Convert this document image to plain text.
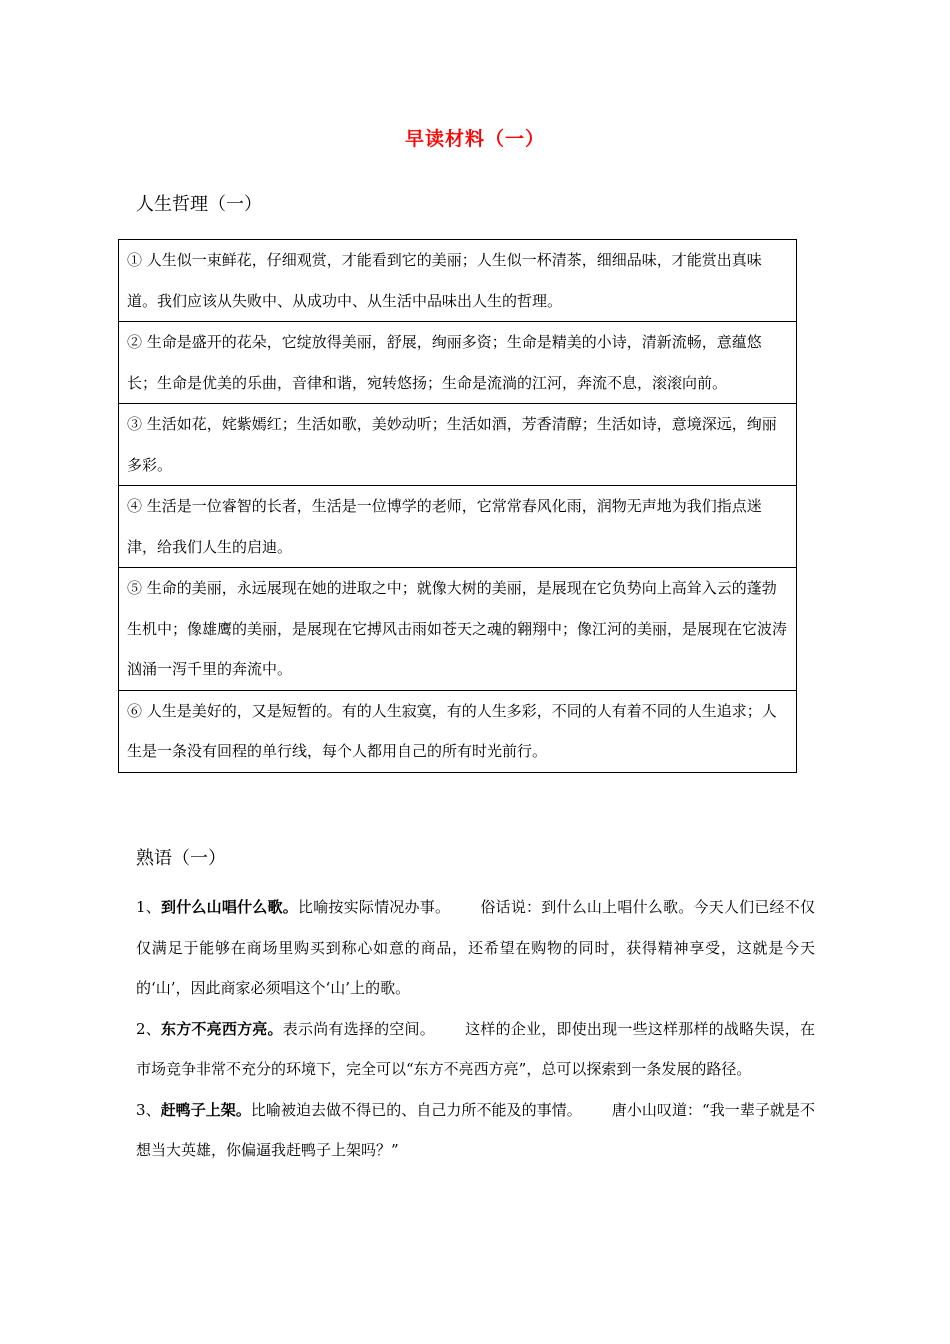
早读材料（一）
人生哲理（一）
① 人生似一束鲜花，仔细观赏，才能看到它的美丽；人生似一杯清茶，细细品味，才能赏出真味道。我们应该从失败中、从成功中、从生活中品味出人生的哲理。
② 生命是盛开的花朵，它绽放得美丽，舒展，绚丽多资；生命是精美的小诗，清新流畅，意蕴悠长；生命是优美的乐曲，音律和谐，宛转悠扬；生命是流淌的江河，奔流不息，滚滚向前。
③ 生活如花，姹紫嫣红；生活如歌，美妙动听；生活如酒，芳香清醇；生活如诗，意境深远，绚丽多彩。
④ 生活是一位睿智的长者，生活是一位博学的老师，它常常春风化雨，润物无声地为我们指点迷津，给我们人生的启迪。
⑤ 生命的美丽，永远展现在她的进取之中；就像大树的美丽，是展现在它负势向上高耸入云的蓬勃生机中；像雄鹰的美丽，是展现在它搏风击雨如苍天之魂的翱翔中；像江河的美丽，是展现在它波涛汹涌一泻千里的奔流中。
⑥ 人生是美好的，又是短暂的。有的人生寂寞，有的人生多彩，不同的人有着不同的人生追求；人生是一条没有回程的单行线，每个人都用自己的所有时光前行。
熟语（一）

1、到什么山唱什么歌。比喻按实际情况办事。 俗话说：到什么山上唱什么歌。今天人们已经不仅仅满足于能够在商场里购买到称心如意的商品，还希望在购物的同时，获得精神享受，这就是今天的‘山’，因此商家必须唱这个‘山’上的歌。

2、东方不亮西方亮。表示尚有选择的空间。 这样的企业，即使出现一些这样那样的战略失误，在市场竞争非常不充分的环境下，完全可以“东方不亮西方亮”，总可以探索到一条发展的路径。

3、赶鸭子上架。比喻被迫去做不得已的、自己力所不能及的事情。 唐小山叹道：“我一辈子就是不想当大英雄，你偏逼我赶鸭子上架吗？”
